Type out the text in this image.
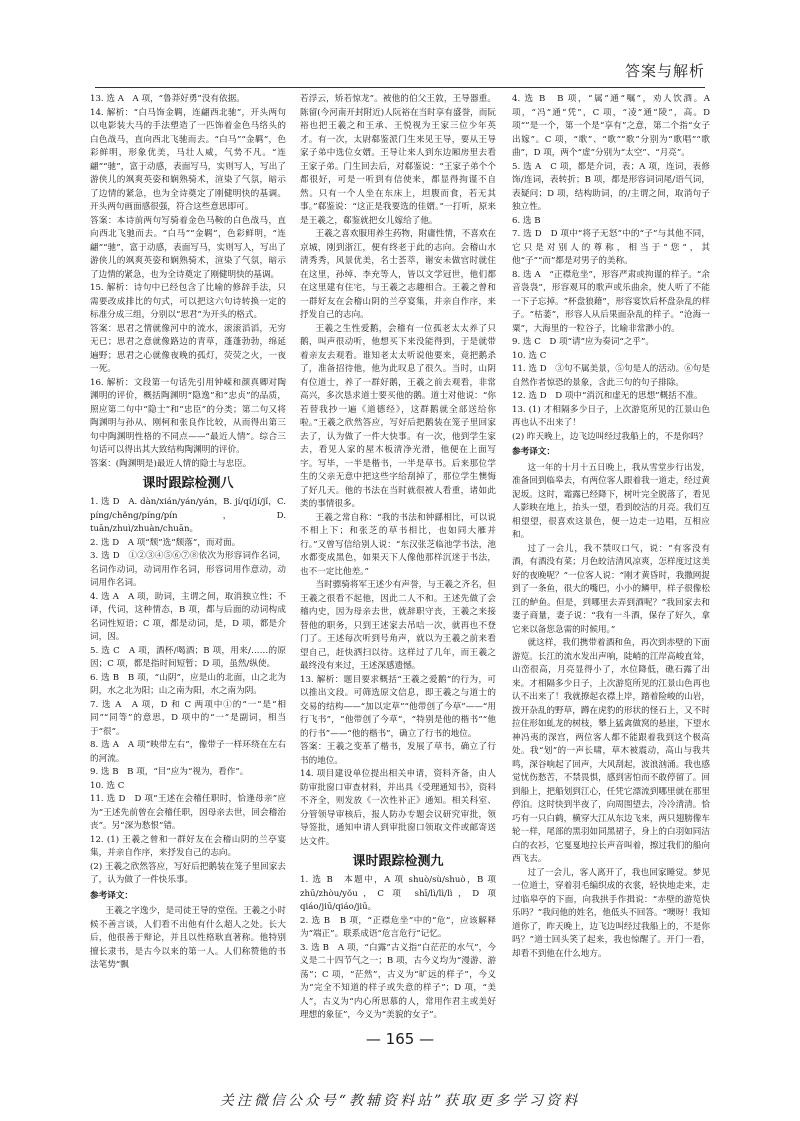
答案与解析

13. 选 A　A 项，“鲁莽好勇”没有依据。

14. 解析：“白马饰金羁，连翩西北驰”，开头两句以电影装大马的手法塑造了一匹饰着金色马络头的白色战马，直向西北飞驰而去。“白马”“金羁”，色彩鲜明，形象优美，马壮人威，气势不凡。“连翩”“驰”，富于动感，表面写马，实则写人，写出了游侠儿的飒爽英姿和娴熟骑术，渲染了气氛，暗示了边情的紧急，也为全诗奠定了刚健明快的基调。开头两句画面感很强，符合这些意思即可。

答案：本诗前两句写骑着金色马鞍的白色战马，直向西北飞驰而去。“白马”“金羁”，色彩鲜明，“连翩”“驰”，富于动感，表面写马，实则写人，写出了游侠儿的飒爽英姿和娴熟骑术，渲染了气氛，暗示了边情的紧急，也为全诗奠定了刚健明快的基调。

15. 解析：诗句中已经包含了比喻的修辞手法，只需要改成排比的句式，可以把这六句诗转换一定的标准分成三组，分别以“思君”为开头的格式。

答案：思君之情就像河中的流水，滚滚滔滔，无穷无已；思君之意就像路边的青草，蓬蓬勃勃，绵延遍野；思君之心就像夜晚的孤灯，荧荧之火，一夜一死。

16. 解析：文段第一句话先引用钟嵘和颜真卿对陶渊明的评价，概括陶渊明“隐逸”和“忠贞”的品质，照应第二句中“隐士”和“忠臣”的分类；第二句又将陶渊明与孙从、刚柯和张良作比较，从而得出第三句中陶渊明性格的不同点——“最近人情”。综合三句话可以得出其大致结构陶渊明的评价。

答案：(陶渊明是)最近人情的隐士与忠臣。

课时跟踪检测八

1. 选 D　A. dàn/xián/yán/yán，B. jí/qí/jí/jǐ，C. píng/chěng/píng/pín，D. tuān/zhuì/zhuàn/chuān。

2. 选 D　A 项“颓”选“颓落”，而对面。

3. 选 D　①②③④⑤⑥⑦⑧依次为形容词作名词，名词作动词，动词用作名词，形容词用作意动，动词用作名词。

4. 选 A　A 项，助词，主谓之间，取消独立性；不译，代词，这种情态，B 项，都与后面的动词构成名词性短语；C 项，都是动词，是，D 项，都是介词，因。

5. 选 C　A 项，酒杯/喝酒；B 项，用来/……的原因；C 项，都是指时间短暂；D 项，虽然/纵使。

6. 选 B　B 项，“山阴”，应是山的北面，山之北为阴，水之北为阳；山之南为阳，水之南为阴。

7. 选 A　A 项，D 和 C 两项中①的“一”是“相同”“同等”的意思，D 项中的“一”是副词，相当于“很”。

8. 选 A　A 项“映带左右”，像带子一样环绕在左右的河流。

9. 选 B　B 项，“目”应为“视为，看作”。

10. 选 C

11. 选 D　D 项“王述在会稽任职时，恰逢母亲”应为“王述先前曾在会稽任职，因母亲去世，回会稽治丧”。另“深为愁恨”错。

12. (1) 王羲之曾和一群好友在会稽山阴的兰亭宴集，并亲自作序，来抒发自己的志向。

(2) 王羲之欣然答应，写好后把鹅装在笼子里回家去了，认为做了一件快乐事。

参考译文：

王羲之字逸少，是司徒王导的堂侄。王羲之小时候不善言谈，人们看不出他有什么超人之处。长大后，他很善于辩论，并且以性格耿直著称。他特别擅长隶书，是古今以来的第一人。人们称赞他的书法笔势“飘

若浮云，矫若惊龙”。被他的伯父王敦，王导器重。陈留(今河南开封附近)人阮裕在当时享有盛誉，而阮裕也把王羲之和王承、王悦视为王家三位少年英才。有一次，太尉郗鉴派门生来见王导，要从王导家子弟中选位女婿。王导让来人到东边厢房里去看王家子弟。门生回去后，对郗鉴说：“王家子弟个个都很好，可是一听到有信使来，都显得拘谨不自然。只有一个人坐在东床上，坦腹而食，若无其事。”郗鉴说：“这正是我要选的佳婿。”一打听，原来是王羲之，郗鉴就把女儿嫁给了他。

王羲之喜欢服用养生药物，附庸性情，不喜欢在京城，刚到浙江，便有终老于此的志向。会稽山水清秀秀，风景优美，名士荟萃，谢安未做官时就住在这里，孙绰、李充等人，皆以文学冠世，他们都在这里建有住宅，与王羲之志趣相合。王羲之曾和一群好友在会稽山阴的兰亭宴集，并亲自作序，来抒发自己的志向。

王羲之生性爱鹅，会稽有一位孤老太太养了只鹅，叫声很动听，他想买下来没能得到，于是就带着亲友去观看。谁知老太太听说他要来，竟把鹅杀了，准备招待他，他为此叹息了很久。当时，山阴有位道士，养了一群好鹅，王羲之前去观看，非常高兴，多次恳求道士要买他的鹅。道士对他说：“你若替我抄一遍《道德经》，这群鹅就全部送给你啦。”王羲之欣然答应，写好后把鹅装在笼子里回家去了，认为做了一件大快事。有一次，他到学生家去，看见人家的屋木板清净光滑，他便在上面写字。写毕，一半是楷书，一半是草书。后来那位学生的父亲无意中把这些字给刮掉了，那位学生懊悔了好几天。他的书法在当时就很被人看重，诸如此类的事情很多。

王羲之常自称：“我的书法和钟繇相比，可以说不相上下；和张芝的草书相比，也如同大雁并行。”又曾写信给别人说：“东汉张芝临池学书法，池水都变成黑色，如果天下人像他那样沉迷于书法，也不一定比他差。”

当时骠骑将军王述少有声誉，与王羲之齐名，但王羲之很看不起他，因此二人不和。王述先做了会稽内史，因为母亲去世，就辞职守丧，王羲之来接替他的职务，只到王述家去吊唁一次，就再也不登门了。王述每次听到号角声，就以为王羲之前来看望自己，赶快洒扫以待。这样过了几年，而王羲之最终没有来过，王述深感遗憾。

13. 解析：题目要求概括“王羲之爱鹅”的行为，可以推出文段。可筛选原文信息，即王羲之与道士的交易的结构——“加以定草”“他带创了今草”——“用行飞书”，“他带创了今草”，“特别是他的楷书”“他的行书”——“他的楷书”，确立了行书的地位。

答案：王羲之变革了楷书，发展了草书，确立了行书的地位。

14. 项目建设单位提出相关申请，资料齐备，由人防审批窗口审查材料，并出具《受理通知书》，资料不齐全，则发放《一次性补正》通知。相关科室、分管领导审核后，报人防办专题会议研究审批，领导签批，通知申请人到审批窗口领取文件或邮寄送达文件。

课时跟踪检测九

1. 选 B　本题中，A 项 shuò/sù/shuò，B 项 zhū/zhòu/yǒu，C 项 shī/lì/lì/lì，D 项 qiáo/jiū/qiáo/jiū。

2. 选 B　B 项，“正襟危坐”中的“危”，应该解释为“端正”。联系成语“危言危行”记忆。

3. 选 B　A 项，“白露”古义指“白茫茫的水气”，今义是二十四节气之一；B 项，古今义均为“漫游、游荡”；C 项，“茫然”，古义为“旷远的样子”，今义为“完全不知道的样子或失意的样子”；D 项，“美人”，古义为“内心所思慕的人，常用作君主或美好理想的象征”，今义为“美貌的女子”。

4. 选 B　B 项，“属”通“嘱”，劝人饮酒。A 项，“冯”通“凭”，C 项，“凌”通“陵”，高。D 项“”是一个，第一个是“享有”之意，第二个指“女子出嫁”。C 项，“歌”、“歌”“歌”分别为“歌唱”“歌曲”，D 项，两个“虚”分别为“太空”、“月亮”。

5. 选 A　C 项，都是介词，表；A 项，连词，表修饰/连词，表转折；B 项，都是形容词词尾/语气词，表疑问；D 项，结构助词，的/主谓之间，取消句子独立性。

6. 选 B

7. 选 D　D 项中“将子无怒”中的“子”与其他不同，它只是对别人的尊称，相当于“您”，其他“子”“而”都是对男子的美称。

8. 选 A　“正襟危坐”，形容严肃或拘谨的样子。“余音袅袅”，形容观耳的歌声或乐曲余，使人听了不能一下子忘掉。“杯盘狼藉”，形容宴饮后杯盘杂乱的样子。“枯萎”，形容人从后果面杂乱的样子。“沧海一粟”，大海里的一粒谷子，比喻非常渺小的。

9. 选 C　D 项“请”应为奏词“之乎”。

10. 选 C

11. 选 D　③句不属美景，⑤句是人的活动。⑥句是自然作者惊恐的景象，含此三句的句子排除。

12. 选 D　D 项中“消沉和虚无的思想”概括不准。

13. (1) 才相隔多少日子，上次游览所见的江景山色再也认不出来了！

(2) 昨天晚上，边飞边叫经过我船上的，不是你吗？

参考译文：

这一年的十月十五日晚上，我从雪堂步行出发，准备回到临皋去，有两位客人跟着我一道走，经过黄泥坂。这时，霜露已经降下，树叶完全脱落了，看见人影映在地上，抬头一望，看到皎洁的月亮。我们互相望望，很喜欢这景色，便一边走一边唱，互相应和。

过了一会儿，我不禁叹口气，说：“有客没有酒，有酒没有菜；月色皎洁清风凉爽，怎样度过这美好的夜晚呢？”一位客人说：“刚才黄昏时，我撒网捉到了一条鱼，很大的嘴巴，小小的鳞甲，样子很像松江的鲈鱼。但是，到哪里去弄到酒呢？”我回家去和妻子商量，妻子说：“我有一斗酒，保存了好久，拿它来以备您急需的时候用。”

就这样，我们携带着酒和鱼，再次到赤壁的下面游览。长江的流水发出声响，陡峭的江岸高峻直耸，山峦很高，月亮显得小了，水位降低，礁石露了出来。才相隔多少日子，上次游览所见的江景山色再也认不出来了！我就撩起衣襟上岸，踏着险峻的山岩，拨开杂乱的野草，蹲在虎豹的形状的怪石上，又不时拉住形如虬龙的树枝，攀上猛禽做窝的悬崖，下望水神冯夷的深宫，两位客人都不能跟着我到这个极高处。我“划”的一声长啸，草木被震动，高山与我共鸣，深谷响起了回声，大风刮起，波浪汹涌。我也感觉忧伤愁苦，不禁畏惧，感到害怕而不敢停留了。回到船上，把船划到江心，任凭它漂流到哪里就在那里停泊。这时快到半夜了，向周围望去，冷冷清清。恰巧有一只白鹤，横穿大江从东边飞来，两只翅膀像车轮一样，尾部的黑羽如同黑裙子，身上的白羽如同洁白的衣衫，它戛戛地拉长声音叫着，擦过我们的船向西飞去。

过了一会儿，客人离开了，我也回家睡觉。梦见一位道士，穿着羽毛编织成的衣裳，轻快地走来，走过临皋亭的下面，向我拱手作揖说：“赤壁的游览快乐吗？”我问他的姓名，他低头不回答。“噢呀！我知道你了，昨天晚上，边飞边叫经过我船上的，不是你吗？”道士回头笑了起来，我也惊醒了。开门一看，却看不到他在什么地方。

— 165 —
关注微信公众号“教辅资料站”获取更多学习资料
